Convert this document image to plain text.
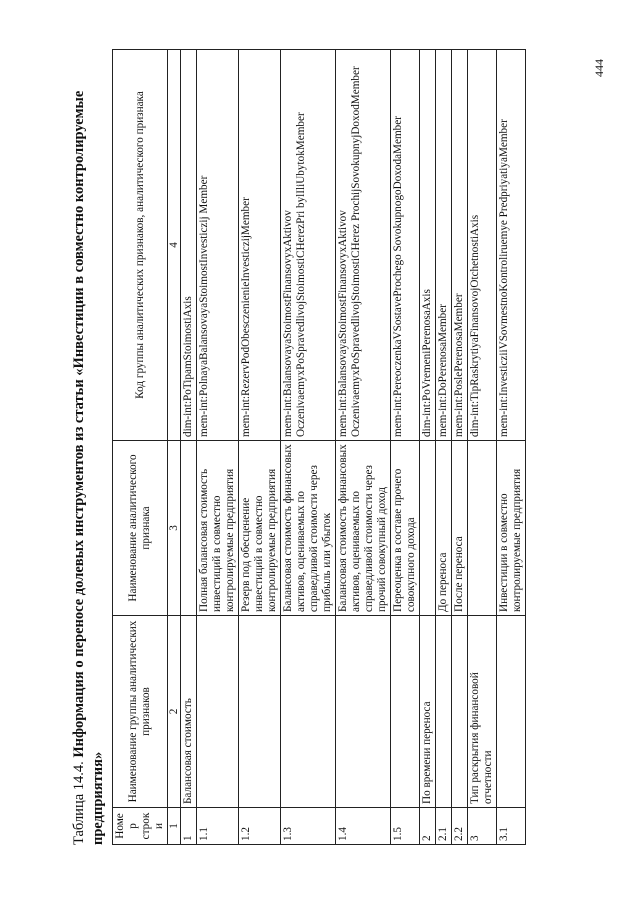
444
Таблица 14.4. Информация о переносе долевых инструментов из статьи «Инвестиции в совместно контролируемые предприятия» Номер строки	Наименование группы аналитических признаков	Наименование аналитического признака	Код группы аналитических признаков, аналитического признака
1	2	3	4
1	Балансовая стоимость		dim-int:PoTipamStoimostiAxis
1.1		Полная балансовая стоимость инвестиций в совместно контролируемые предприятия	mem-int:PolnayaBalansovayaStoimostInvesticzij Member
1.2		Резерв под обесценение инвестиций в совместно контролируемые предприятия	mem-int:RezervPodObesczenienieInvesticzijMember
1.3		Балансовая стоимость финансовых активов, оцениваемых по справедливой стоимости через прибыль или убыток	mem-int:BalansovayaStoimostFinansovyxAktivov OczenivaemyxPoSpravedlivojStoimostiCHerezPri bylIliUbytokMember
1.4		Балансовая стоимость финансовых активов, оцениваемых по справедливой стоимости через прочий совокупный доход	mem-int:BalansovayaStoimostFinansovyxAktivov OczenivaemyxPoSpravedlivojStoimostiCHerez ProchijSovokupnyjDoxodMember
1.5		Переоценка в составе прочего совокупного дохода	mem-int:PereoczenkaVSostaveProchego SovokupnogoDoxodaMember
2	По времени переноса		dim-int:PoVremeniPerenosaAxis
2.1		До переноса	mem-int:DoPerenosaMember
2.2		После переноса	mem-int:PoslePerenosaMember
3	Тип раскрытия финансовой отчетности		dim-int:TipRaskrytiyaFinansovojOtchetnostiAxis
3.1		Инвестиции в совместно контролируемые предприятия	mem-int:InvesticziiVSovmestnoKontroliruemye PredpriyatiyaMember
